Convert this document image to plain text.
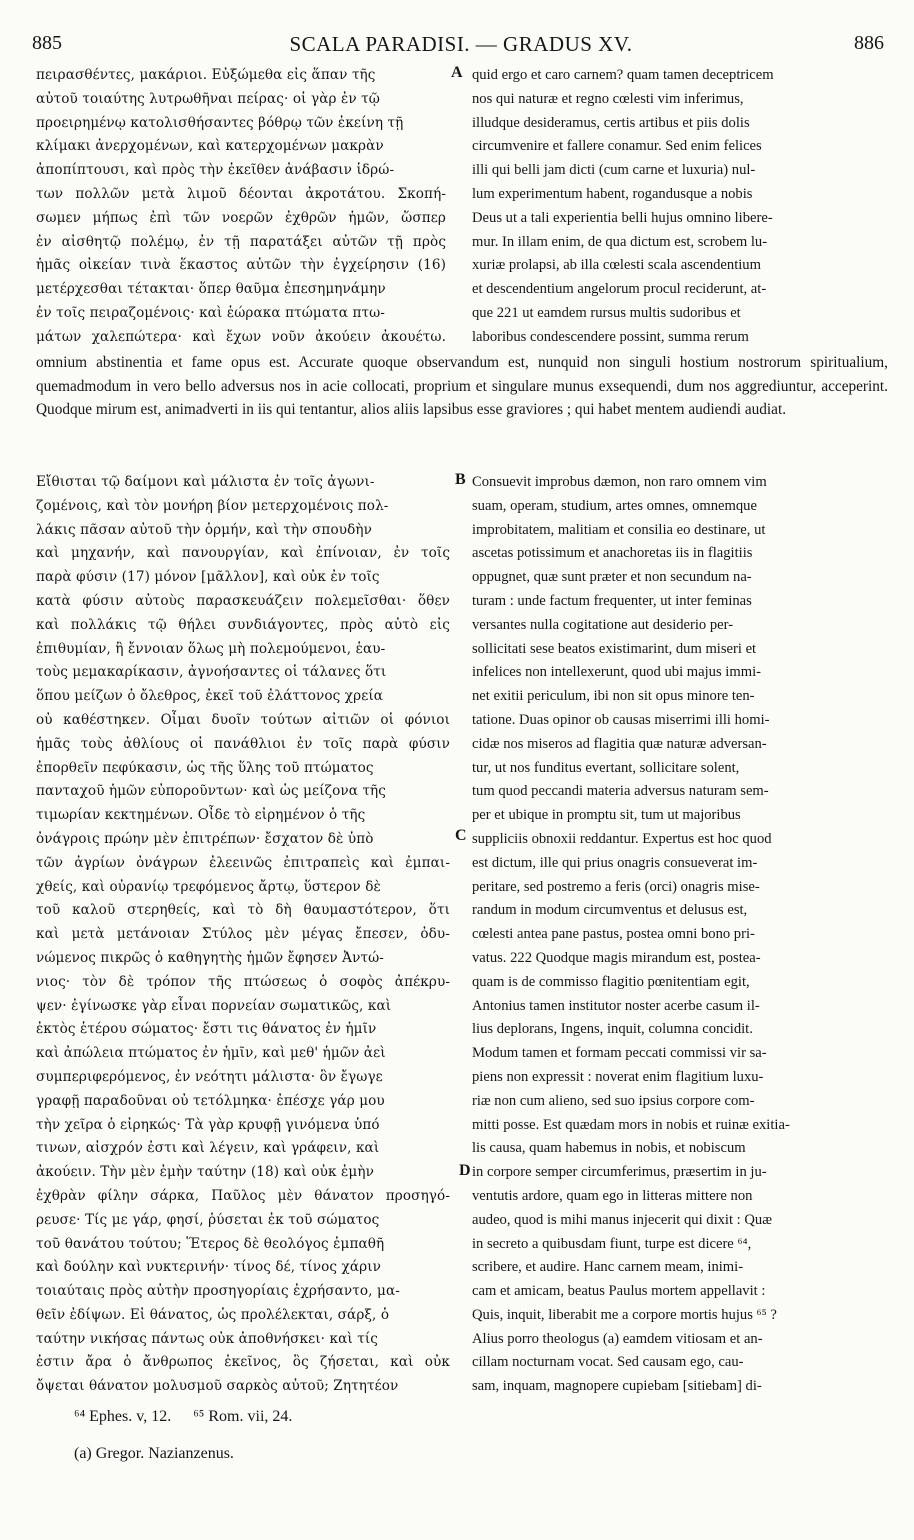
885	SCALA PARADISI. — GRADUS XV.	886
πειρασθέντες, μακάριοι. Εὐξώμεθα εἰς ἅπαν τῆς
αὐτοῦ τοιαύτης λυτρωθῆναι πείρας· οἱ γὰρ ἐν τῷ
προειρημένῳ κατολισθήσαντες βόθρῳ τῶν ἐκείνη τῇ
κλίμακι ἀνερχομένων, καὶ κατερχομένων μακρὰν
ἀποπίπτουσι, καὶ πρὸς τὴν ἐκεῖθεν ἀνάβασιν ἱδρώ-
των πολλῶν μετὰ λιμοῦ δέονται ἀκροτάτου. Σκοπή-
σωμεν μήπως ἐπὶ τῶν νοερῶν ἐχθρῶν ἡμῶν, ὥσπερ
ἐν αἰσθητῷ πολέμῳ, ἐν τῇ παρατάξει αὐτῶν τῇ πρὸς
ἡμᾶς οἰκείαν τινὰ ἕκαστος αὐτῶν τὴν ἐγχείρησιν (16)
μετέρχεσθαι τέτακται· ὅπερ θαῦμα ἐπεσημηνάμην
ἐν τοῖς πειραζομένοις· καὶ ἑώρακα πτώματα πτω-
μάτων χαλεπώτερα· καὶ ἔχων νοῦν ἀκούειν ἀκουέτω.
quid ergo et caro carnem? quam tamen deceptricem
nos qui naturæ et regno cœlesti vim inferimus,
illudque desideramus, certis artibus et piis dolis
circumvenire et fallere conamur. Sed enim felices
illi qui belli jam dicti (cum carne et luxuria) nul-
lum experimentum habent, rogandusque a nobis
Deus ut a tali experientia belli hujus omnino libere-
mur. In illam enim, de qua dictum est, scrobem lu-
xuriæ prolapsi, ab illa cœlesti scala ascendentium
et descendentium angelorum procul reciderunt, at-
que 221 ut eamdem rursus multis sudoribus et
laboribus condescendere possint, summa rerum
A

omnium abstinentia et fame opus est. Accurate quoque observandum est, nunquid non singuli hostium nostrorum spiritualium, quemadmodum in vero bello adversus nos in acie collocati, proprium et singulare munus exsequendi, dum nos aggrediuntur, acceperint. Quodque mirum est, animadverti in iis qui tentantur, alios aliis lapsibus esse graviores ; qui habet mentem audiendi audiat.

Εἴθισται τῷ δαίμονι καὶ μάλιστα ἐν τοῖς ἀγωνι-
ζομένοις, καὶ τὸν μονήρη βίον μετερχομένοις πολ-
λάκις πᾶσαν αὐτοῦ τὴν ὁρμήν, καὶ τὴν σπουδὴν
καὶ μηχανήν, καὶ πανουργίαν, καὶ ἐπίνοιαν, ἐν τοῖς
παρὰ φύσιν (17) μόνον [μᾶλλον], καὶ οὐκ ἐν τοῖς
κατὰ φύσιν αὐτοὺς παρασκευάζειν πολεμεῖσθαι· ὅθεν
καὶ πολλάκις τῷ θήλει συνδιάγοντες, πρὸς αὐτὸ εἰς
ἐπιθυμίαν, ἢ ἔννοιαν ὅλως μὴ πολεμούμενοι, ἑαυ-
τοὺς μεμακαρίκασιν, ἀγνοήσαντες οἱ τάλανες ὅτι
ὅπου μείζων ὁ ὄλεθρος, ἐκεῖ τοῦ ἐλάττονος χρεία
οὐ καθέστηκεν. Οἶμαι δυοῖν τούτων αἰτιῶν οἱ φόνιοι
ἡμᾶς τοὺς ἀθλίους οἱ πανάθλιοι ἐν τοῖς παρὰ φύσιν
ἐπορθεῖν πεφύκασιν, ὡς τῆς ὕλης τοῦ πτώματος
πανταχοῦ ἡμῶν εὐποροῦντων· καὶ ὡς μείζονα τῆς
τιμωρίαν κεκτημένων. Οἶδε τὸ εἰρημένον ὁ τῆς
ὀνάγροις πρώην μὲν ἐπιτρέπων· ἔσχατον δὲ ὑπὸ
τῶν ἀγρίων ὀνάγρων ἐλεεινῶς ἐπιτραπεὶς καὶ ἐμπαι-
χθείς, καὶ οὐρανίῳ τρεφόμενος ἄρτῳ, ὕστερον δὲ
τοῦ καλοῦ στερηθείς, καὶ τὸ δὴ θαυμαστότερον, ὅτι
καὶ μετὰ μετάνοιαν Στύλος μὲν μέγας ἔπεσεν, ὀδυ-
νώμενος πικρῶς ὁ καθηγητὴς ἡμῶν ἔφησεν Ἀντώ-
νιος· τὸν δὲ τρόπον τῆς πτώσεως ὁ σοφὸς ἀπέκρυ-
ψεν· ἐγίνωσκε γὰρ εἶναι πορνείαν σωματικῶς, καὶ
ἐκτὸς ἑτέρου σώματος· ἔστι τις θάνατος ἐν ἡμῖν
καὶ ἀπώλεια πτώματος ἐν ἡμῖν, καὶ μεθ' ἡμῶν ἀεὶ
συμπεριφερόμενος, ἐν νεότητι μάλιστα· ὃν ἔγωγε
γραφῇ παραδοῦναι οὐ τετόλμηκα· ἐπέσχε γάρ μου
τὴν χεῖρα ὁ εἰρηκώς· Τὰ γὰρ κρυφῇ γινόμενα ὑπό
τινων, αἰσχρόν ἐστι καὶ λέγειν, καὶ γράφειν, καὶ
ἀκούειν. Τὴν μὲν ἐμὴν ταύτην (18) καὶ οὐκ ἐμὴν
ἐχθρὰν φίλην σάρκα, Παῦλος μὲν θάνατον προσηγό-
ρευσε· Τίς με γάρ, φησί, ῥύσεται ἐκ τοῦ σώματος
τοῦ θανάτου τούτου; Ἕτερος δὲ θεολόγος ἐμπαθῆ
καὶ δούλην καὶ νυκτερινήν· τίνος δέ, τίνος χάριν
τοιαύταις πρὸς αὐτὴν προσηγορίαις ἐχρήσαντο, μα-
θεῖν ἐδίψων. Εἰ θάνατος, ὡς προλέλεκται, σάρξ, ὁ
ταύτην νικήσας πάντως οὐκ ἀποθνήσκει· καὶ τίς
ἐστιν ἄρα ὁ ἄνθρωπος ἐκεῖνος, ὃς ζήσεται, καὶ οὐκ
ὄψεται θάνατον μολυσμοῦ σαρκὸς αὐτοῦ; Ζητητέον
Consuevit improbus dæmon, non raro omnem vim
suam, operam, studium, artes omnes, omnemque
improbitatem, malitiam et consilia eo destinare, ut
ascetas potissimum et anachoretas iis in flagitiis
oppugnet, quæ sunt præter et non secundum na-
turam : unde factum frequenter, ut inter feminas
versantes nulla cogitatione aut desiderio per-
sollicitati sese beatos existimarint, dum miseri et
infelices non intellexerunt, quod ubi majus immi-
net exitii periculum, ibi non sit opus minore ten-
tatione. Duas opinor ob causas miserrimi illi homi-
cidæ nos miseros ad flagitia quæ naturæ adversan-
tur, ut nos funditus evertant, sollicitare solent,
tum quod peccandi materia adversus naturam sem-
per et ubique in promptu sit, tum ut majoribus
suppliciis obnoxii reddantur. Expertus est hoc quod
est dictum, ille qui prius onagris consueverat im-
peritare, sed postremo a feris (orci) onagris mise-
randum in modum circumventus et delusus est,
cœlesti antea pane pastus, postea omni bono pri-
vatus. 222 Quodque magis mirandum est, postea-
quam is de commisso flagitio pœnitentiam egit,
Antonius tamen institutor noster acerbe casum il-
lius deplorans, Ingens, inquit, columna concidit.
Modum tamen et formam peccati commissi vir sa-
piens non expressit : noverat enim flagitium luxu-
riæ non cum alieno, sed suo ipsius corpore com-
mitti posse. Est quædam mors in nobis et ruinæ exitia-
lis causa, quam habemus in nobis, et nobiscum
in corpore semper circumferimus, præsertim in ju-
ventutis ardore, quam ego in litteras mittere non
audeo, quod is mihi manus injecerit qui dixit : Quæ
in secreto a quibusdam fiunt, turpe est dicere ⁶⁴,
scribere, et audire. Hanc carnem meam, inimi-
cam et amicam, beatus Paulus mortem appellavit :
Quis, inquit, liberabit me a corpore mortis hujus ⁶⁵ ?
Alius porro theologus (a) eamdem vitiosam et an-
cillam nocturnam vocat. Sed causam ego, cau-
sam, inquam, magnopere cupiebam [sitiebam] di-
B
C
D
⁶⁴ Ephes. v, 12. ⁶⁵ Rom. vii, 24.
(a) Gregor. Nazianzenus.
